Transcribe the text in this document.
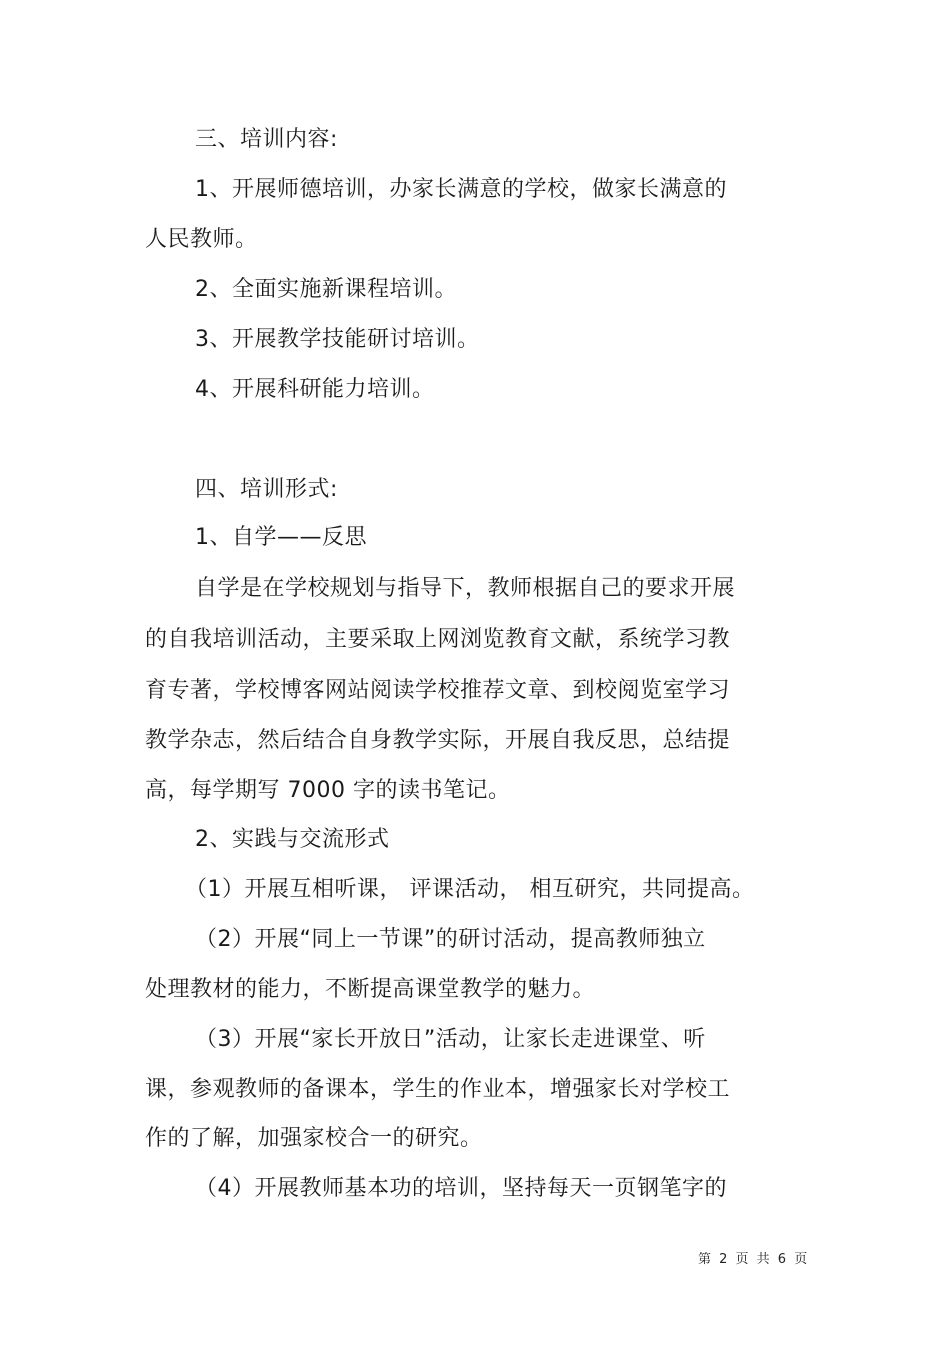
三、培训内容:
1、开展师德培训，办家长满意的学校，做家长满意的
人民教师。
2、全面实施新课程培训。
3、开展教学技能研讨培训。
4、开展科研能力培训。
四、培训形式:
1、自学——反思
自学是在学校规划与指导下，教师根据自己的要求开展
的自我培训活动，主要采取上网浏览教育文献，系统学习教
育专著，学校博客网站阅读学校推荐文章、到校阅览室学习
教学杂志，然后结合自身教学实际，开展自我反思，总结提
高，每学期写 7000 字的读书笔记。
2、实践与交流形式
（1）开展互相听课， 评课活动， 相互研究，共同提高。
（2）开展“同上一节课”的研讨活动，提高教师独立
处理教材的能力，不断提高课堂教学的魅力。
（3）开展“家长开放日”活动，让家长走进课堂、听
课，参观教师的备课本，学生的作业本，增强家长对学校工
作的了解，加强家校合一的研究。
（4）开展教师基本功的培训，坚持每天一页钢笔字的
第 2 页 共 6 页
